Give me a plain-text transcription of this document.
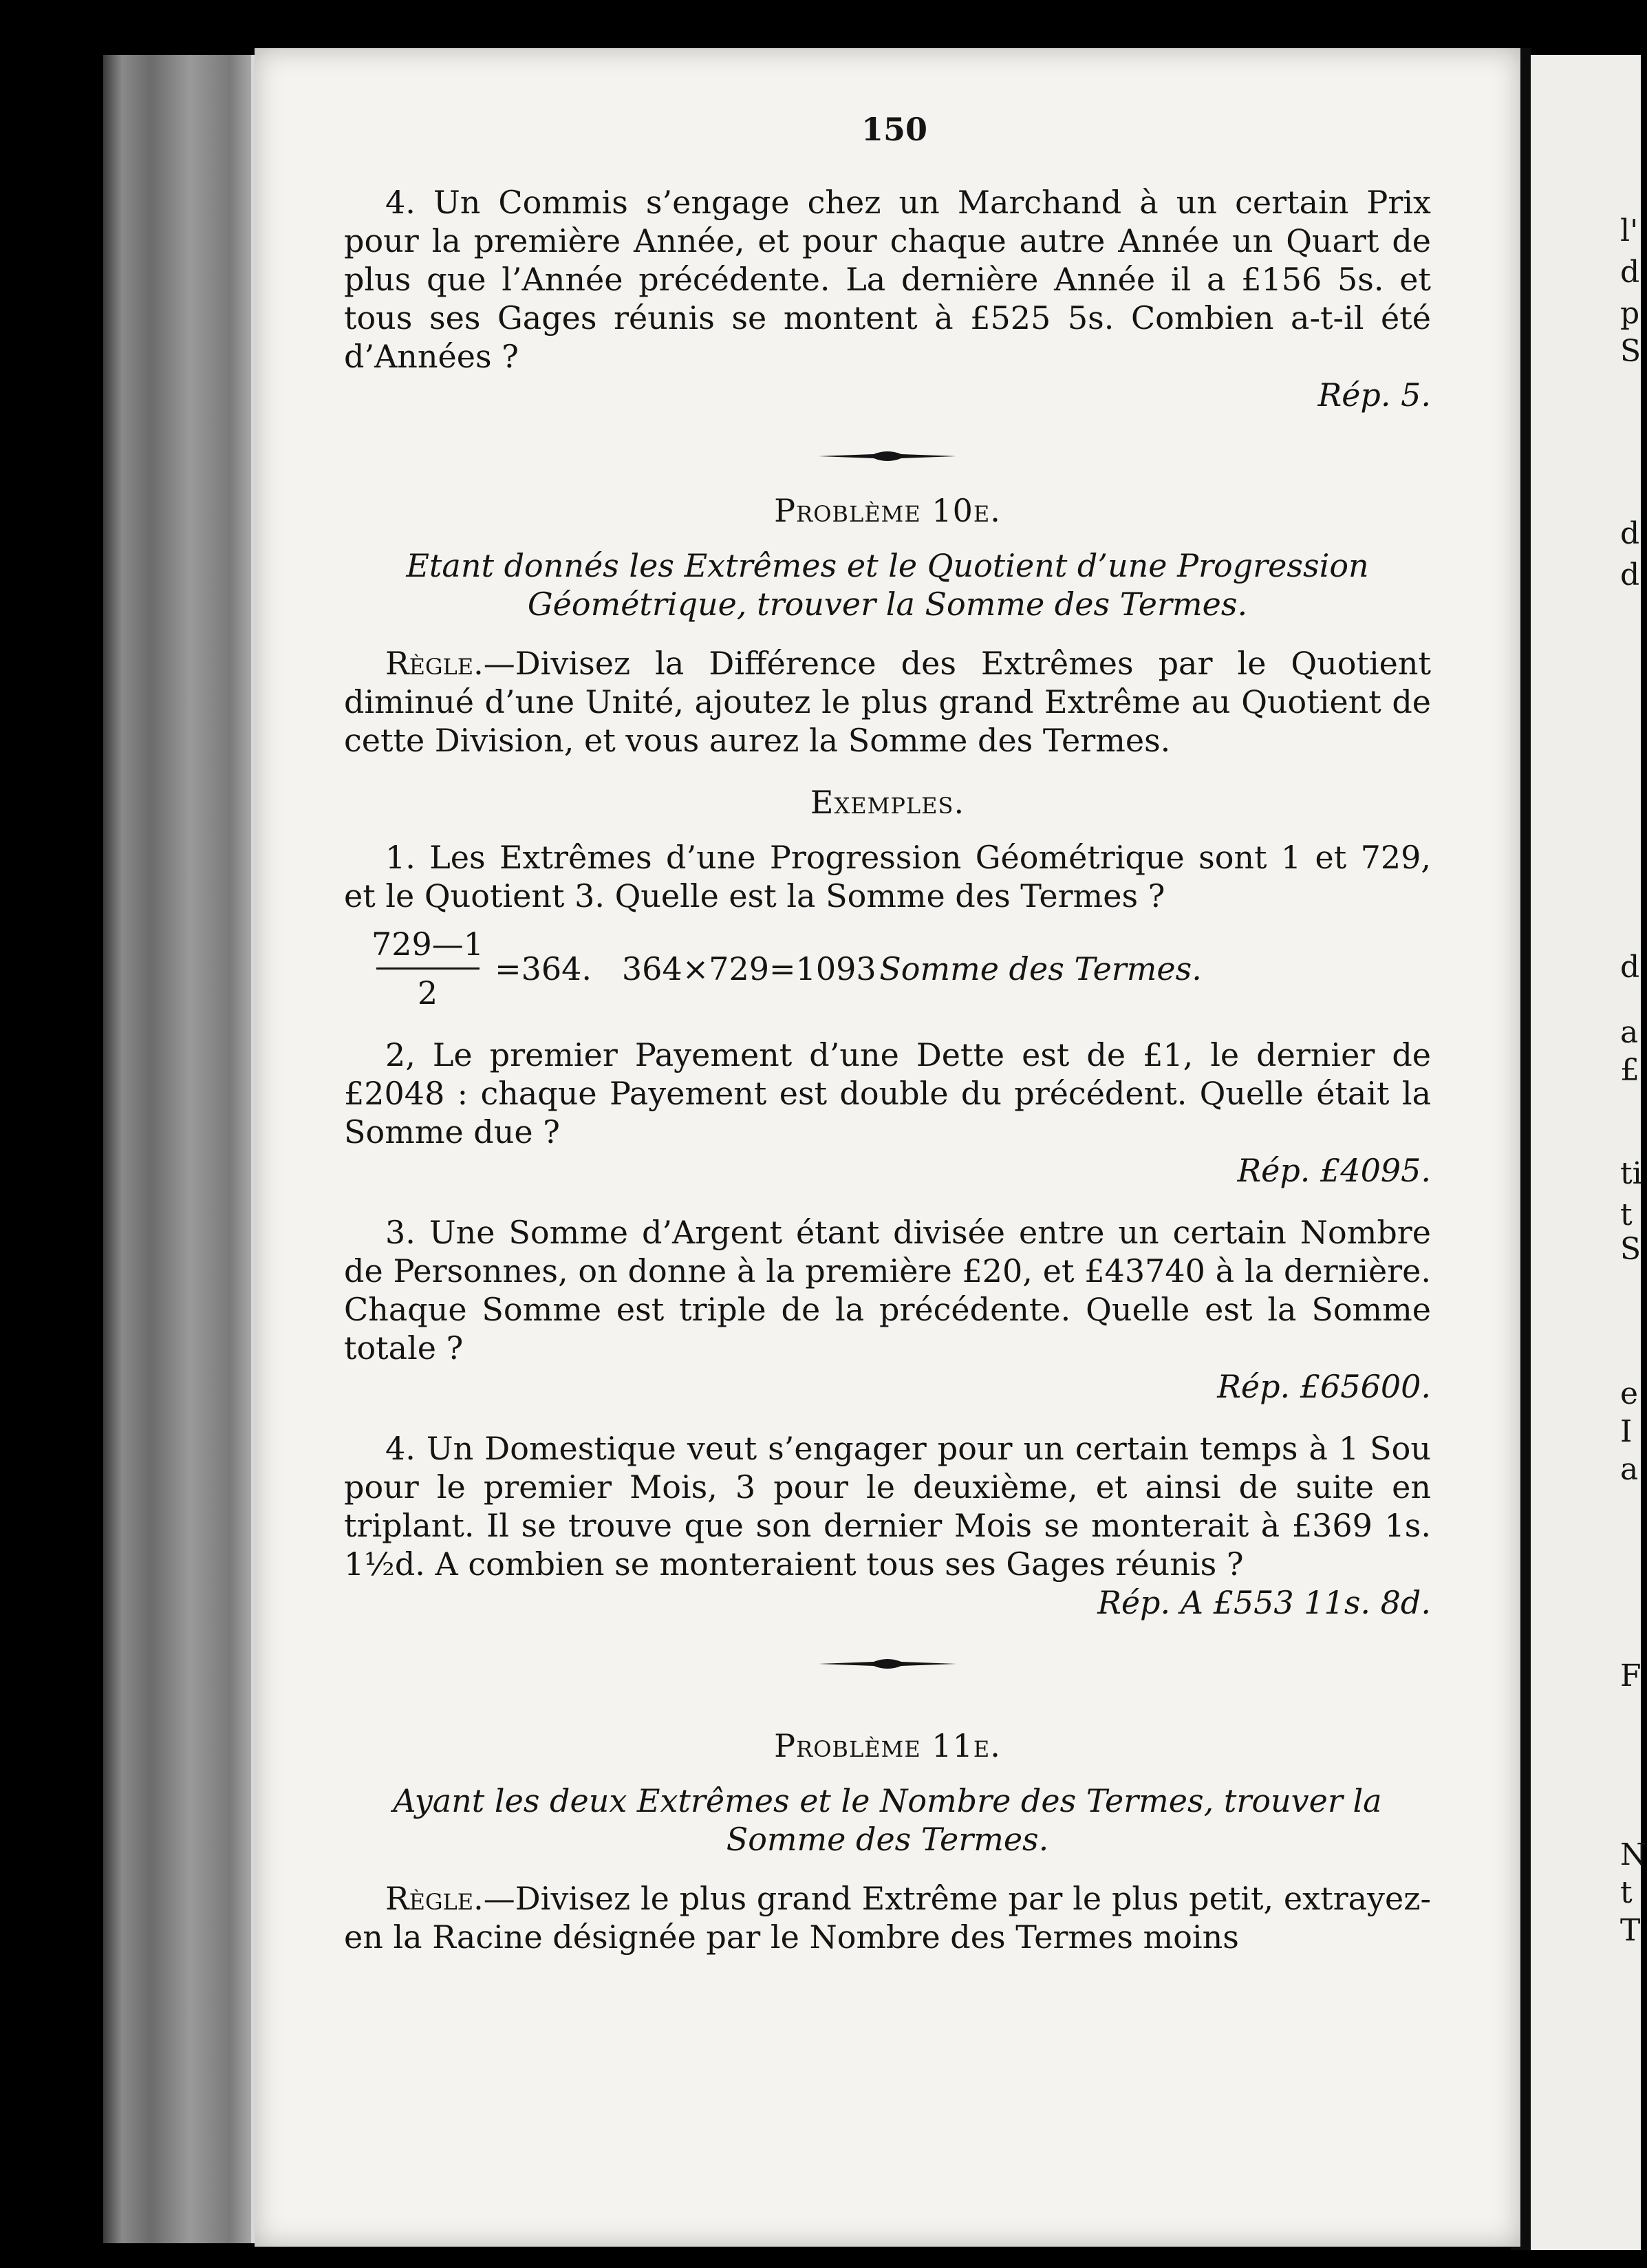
l'
d
p
S
d
d
d
a
£
ti
t
S
e
I
a
F
N
t
T
150

4. Un Commis s’engage chez un Marchand à un certain Prix pour la première Année, et pour chaque autre Année un Quart de plus que l’Année précédente. La dernière Année il a £156 5s. et tous ses Gages réunis se montent à £525 5s. Combien a-t-il été d’Années ?

Rép. 5.

Problème 10e.

Etant donnés les Extrêmes et le Quotient d’une Progression Géométrique, trouver la Somme des Termes.

Règle.—Divisez la Différence des Extrêmes par le Quotient diminué d’une Unité, ajoutez le plus grand Extrême au Quotient de cette Division, et vous aurez la Somme des Termes.

Exemples.

1. Les Extrêmes d’une Progression Géométrique sont 1 et 729, et le Quotient 3. Quelle est la Somme des Termes ?

$\frac{729—1}{2} =364$.   364×729=1093 Somme des Termes.

2, Le premier Payement d’une Dette est de £1, le dernier de £2048 : chaque Payement est double du précédent. Quelle était la Somme due ?

Rép. £4095.

3. Une Somme d’Argent étant divisée entre un certain Nombre de Personnes, on donne à la première £20, et £43740 à la dernière. Chaque Somme est triple de la précédente. Quelle est la Somme totale ?

Rép. £65600.

4. Un Domestique veut s’engager pour un certain temps à 1 Sou pour le premier Mois, 3 pour le deuxième, et ainsi de suite en triplant. Il se trouve que son dernier Mois se monterait à £369 1s. 1½d. A combien se monteraient tous ses Gages réunis ?

Rép. A £553 11s. 8d.

Problème 11e.

Ayant les deux Extrêmes et le Nombre des Termes, trouver la Somme des Termes.

Règle.—Divisez le plus grand Extrême par le plus petit, extrayez-en la Racine désignée par le Nombre des Termes moins
